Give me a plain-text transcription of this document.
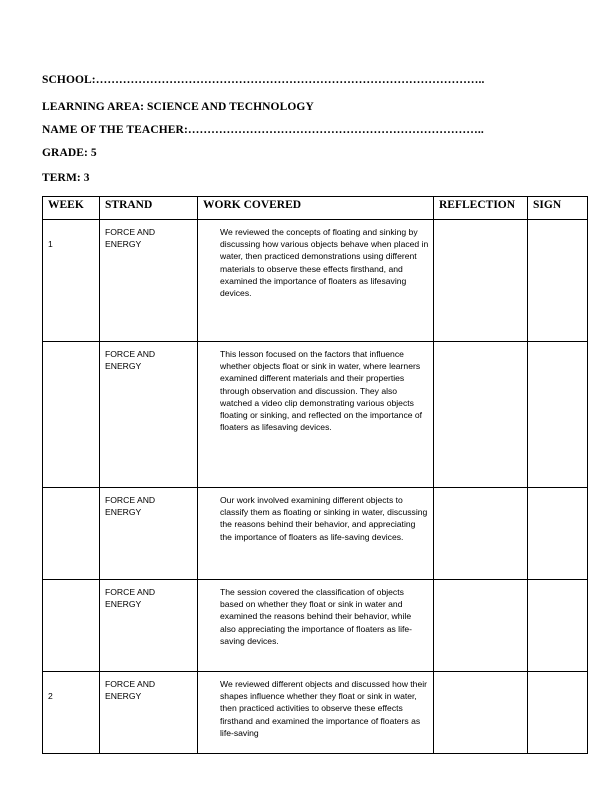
SCHOOL:………………………………………………………………………………………..
LEARNING AREA: SCIENCE AND TECHNOLOGY
NAME OF THE TEACHER:…………………………………………………………………..
GRADE: 5
TERM: 3
WEEK	STRAND	WORK COVERED	REFLECTION	SIGN
1	FORCE AND ENERGY	We reviewed the concepts of floating and sinking by discussing how various objects behave when placed in water, then practiced demonstrations using different materials to observe these effects firsthand, and examined the importance of floaters as lifesaving devices.		
	FORCE AND ENERGY	This lesson focused on the factors that influence whether objects float or sink in water, where learners examined different materials and their properties through observation and discussion. They also watched a video clip demonstrating various objects floating or sinking, and reflected on the importance of floaters as lifesaving devices.		
	FORCE AND ENERGY	Our work involved examining different objects to classify them as floating or sinking in water, discussing the reasons behind their behavior, and appreciating the importance of floaters as life-saving devices.		
	FORCE AND ENERGY	The session covered the classification of objects based on whether they float or sink in water and examined the reasons behind their behavior, while also appreciating the importance of floaters as life-saving devices.		
2	FORCE AND ENERGY	We reviewed different objects and discussed how their shapes influence whether they float or sink in water, then practiced activities to observe these effects firsthand and examined the importance of floaters as life-saving		
